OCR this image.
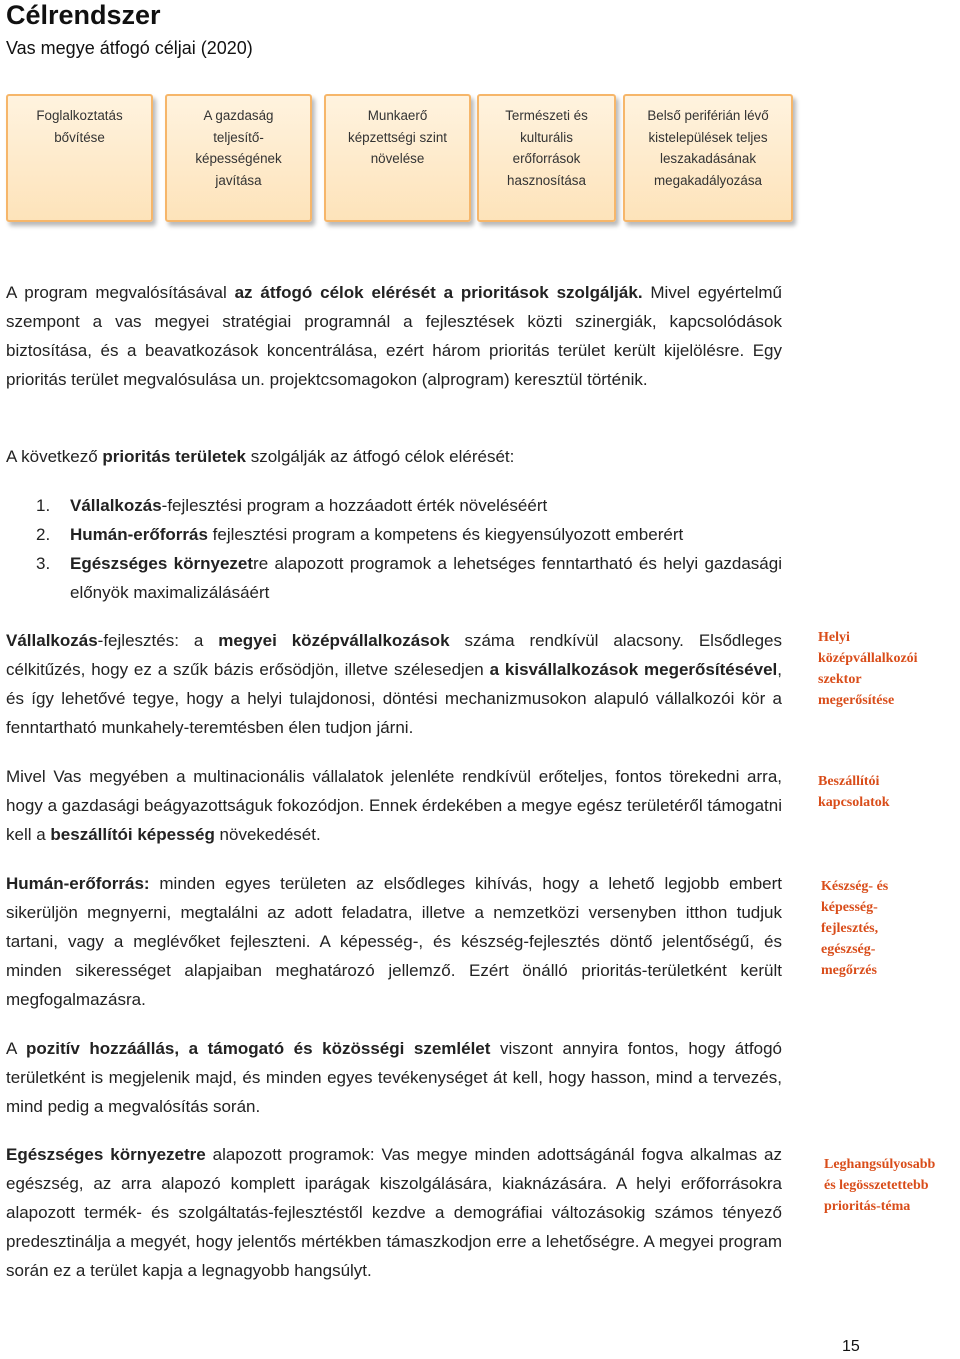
Célrendszer
Vas megye átfogó céljai (2020)
Foglalkoztatás
bővítése
A gazdaság
teljesítő-
képességének
javítása
Munkaerő
képzettségi szint
növelése
Természeti és
kulturális
erőforrások
hasznosítása
Belső periférián lévő
kistelepülések teljes
leszakadásának
megakadályozása

A program megvalósításával az átfogó célok elérését a prioritások szolgálják. Mivel egyértelmű szempont a vas megyei stratégiai programnál a fejlesztések közti szinergiák, kapcsolódások biztosítása, és a beavatkozások koncentrálása, ezért három prioritás terület került kijelölésre. Egy prioritás terület megvalósulása un. projektcsomagokon (alprogram) keresztül történik.

A következő prioritás területek szolgálják az átfogó célok elérését:

1. Vállalkozás-fejlesztési program a hozzáadott érték növeléséért
2. Humán-erőforrás fejlesztési program a kompetens és kiegyensúlyozott emberért
3. Egészséges környezetre alapozott programok a lehetséges fenntartható és helyi gazdasági előnyök maximalizálásáért

Vállalkozás-fejlesztés: a megyei középvállalkozások száma rendkívül alacsony. Elsődleges célkitűzés, hogy ez a szűk bázis erősödjön, illetve szélesedjen a kisvállalkozások megerősítésével, és így lehetővé tegye, hogy a helyi tulajdonosi, döntési mechanizmusokon alapuló vállalkozói kör a fenntartható munkahely-teremtésben élen tudjon járni.

Mivel Vas megyében a multinacionális vállalatok jelenléte rendkívül erőteljes, fontos törekedni arra, hogy a gazdasági beágyazottságuk fokozódjon. Ennek érdekében a megye egész területéről támogatni kell a beszállítói képesség növekedését.

Humán-erőforrás: minden egyes területen az elsődleges kihívás, hogy a lehető legjobb embert sikerüljön megnyerni, megtalálni az adott feladatra, illetve a nemzetközi versenyben itthon tudjuk tartani, vagy a meglévőket fejleszteni. A képesség-, és készség-fejlesztés döntő jelentőségű, és minden sikerességet alapjaiban meghatározó jellemző. Ezért önálló prioritás-területként került megfogalmazásra.

A pozitív hozzáállás, a támogató és közösségi szemlélet viszont annyira fontos, hogy átfogó területként is megjelenik majd, és minden egyes tevékenységet át kell, hogy hasson, mind a tervezés, mind pedig a megvalósítás során.

Egészséges környezetre alapozott programok: Vas megye minden adottságánál fogva alkalmas az egészség, az arra alapozó komplett iparágak kiszolgálására, kiaknázására. A helyi erőforrásokra alapozott termék- és szolgáltatás-fejlesztéstől kezdve a demográfiai változásokig számos tényező predesztinálja a megyét, hogy jelentős mértékben támaszkodjon erre a lehetőségre. A megyei program során ez a terület kapja a legnagyobb hangsúlyt.

Helyi
középvállalkozói
szektor
megerősítése
Beszállítói
kapcsolatok
Készség- és
képesség-
fejlesztés,
egészség-
megőrzés
Leghangsúlyosabb
és legösszetettebb
prioritás-téma
15
